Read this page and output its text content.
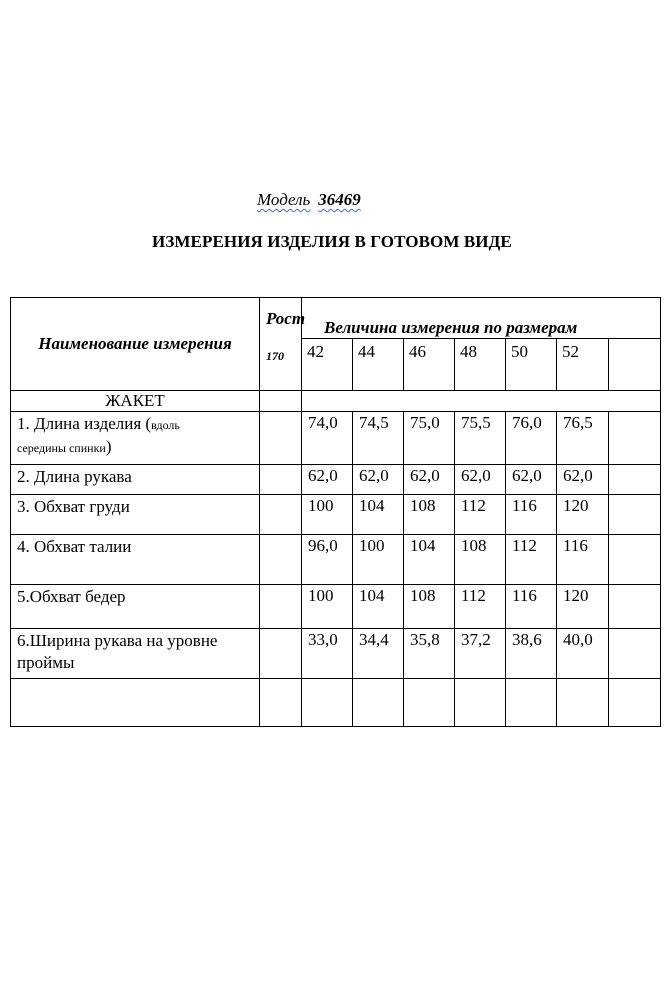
Модель 36469
ИЗМЕРЕНИЯ ИЗДЕЛИЯ В ГОТОВОМ ВИДЕ
Наименование измерения	Рост
170	Величина измерения по размерам						
		42	44	46	48	50	52	
ЖАКЕТ								
1. Длина изделия (вдоль
середины спинки)		74,0	74,5	75,0	75,5	76,0	76,5	
2. Длина рукава		62,0	62,0	62,0	62,0	62,0	62,0	
3. Обхват груди		100	104	108	112	116	120	
4. Обхват талии		96,0	100	104	108	112	116	
5.Обхват бедер		100	104	108	112	116	120	
6.Ширина рукава на уровне проймы		33,0	34,4	35,8	37,2	38,6	40,0	
